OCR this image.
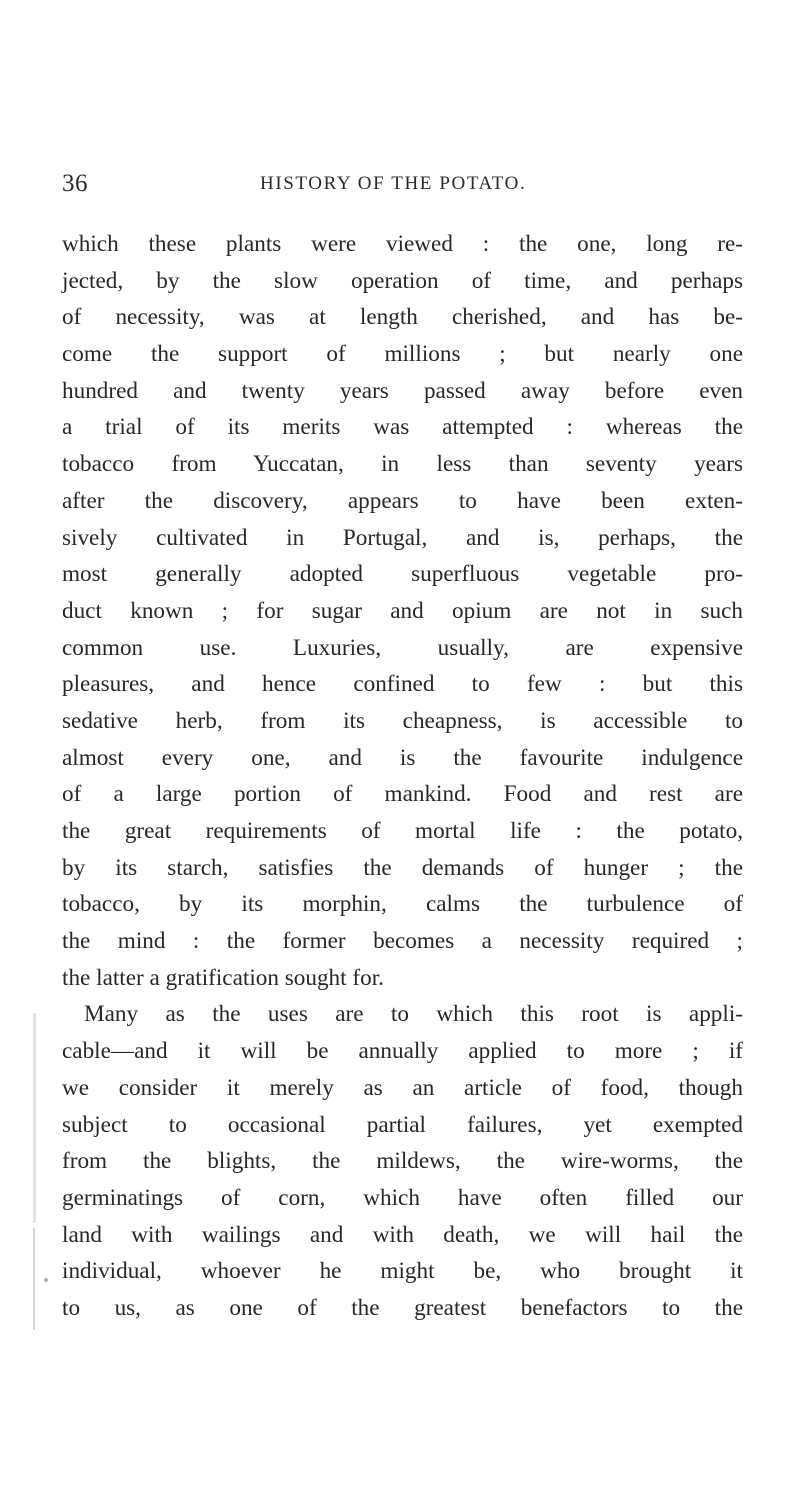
36	HISTORY OF THE POTATO.
which these plants were viewed : the one, long re-
jected, by the slow operation of time, and perhaps
of necessity, was at length cherished, and has be-
come the support of millions ; but nearly one
hundred and twenty years passed away before even
a trial of its merits was attempted : whereas the
tobacco from Yuccatan, in less than seventy years
after the discovery, appears to have been exten-
sively cultivated in Portugal, and is, perhaps, the
most generally adopted superfluous vegetable pro-
duct known ; for sugar and opium are not in such
common use. Luxuries, usually, are expensive
pleasures, and hence confined to few : but this
sedative herb, from its cheapness, is accessible to
almost every one, and is the favourite indulgence
of a large portion of mankind. Food and rest are
the great requirements of mortal life : the potato,
by its starch, satisfies the demands of hunger ; the
tobacco, by its morphin, calms the turbulence of
the mind : the former becomes a necessity required ;
the latter a gratification sought for.
Many as the uses are to which this root is appli-
cable—and it will be annually applied to more ; if
we consider it merely as an article of food, though
subject to occasional partial failures, yet exempted
from the blights, the mildews, the wire-worms, the
germinatings of corn, which have often filled our
land with wailings and with death, we will hail the
individual, whoever he might be, who brought it
to us, as one of the greatest benefactors to the
